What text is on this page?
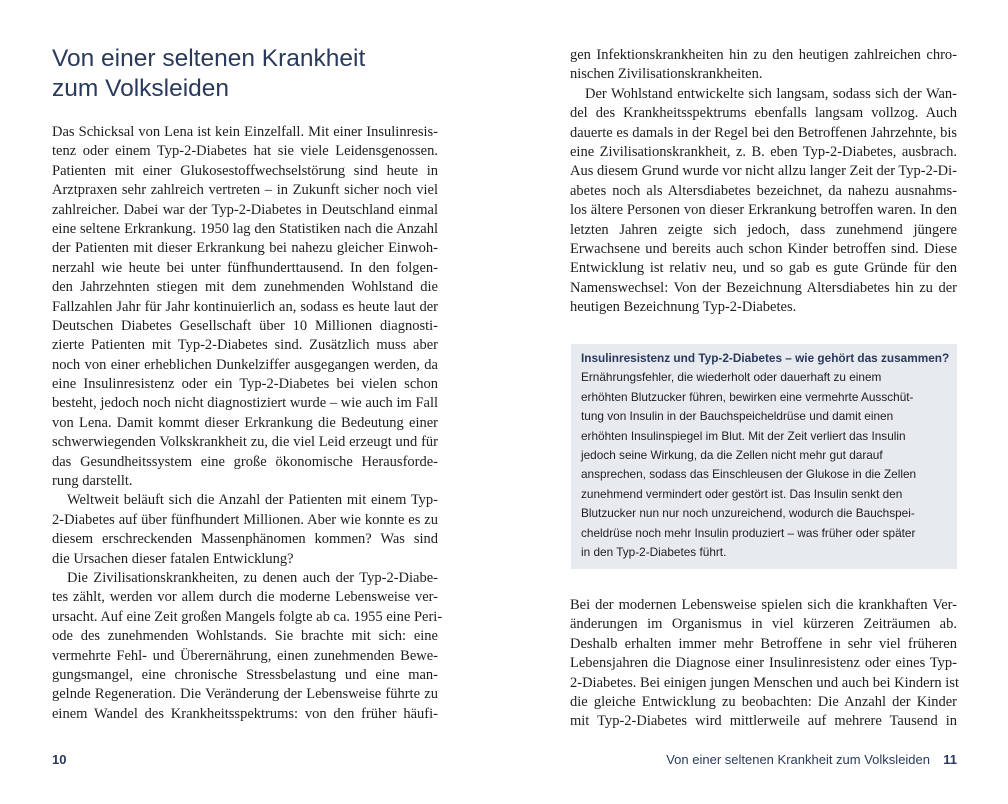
Von einer seltenen Krankheit
zum Volksleiden
Das Schicksal von Lena ist kein Einzelfall. Mit einer Insulinresis-
tenz oder einem Typ-2-Diabetes hat sie viele Leidensgenossen.
Patienten mit einer Glukosestoffwechselstörung sind heute in
Arztpraxen sehr zahlreich vertreten – in Zukunft sicher noch viel
zahlreicher. Dabei war der Typ-2-Diabetes in Deutschland einmal
eine seltene Erkrankung. 1950 lag den Statistiken nach die Anzahl
der Patienten mit dieser Erkrankung bei nahezu gleicher Einwoh-
nerzahl wie heute bei unter fünfhunderttausend. In den folgen-
den Jahrzehnten stiegen mit dem zunehmenden Wohlstand die
Fallzahlen Jahr für Jahr kontinuierlich an, sodass es heute laut der
Deutschen Diabetes Gesellschaft über 10 Millionen diagnosti-
zierte Patienten mit Typ-2-Diabetes sind. Zusätzlich muss aber
noch von einer erheblichen Dunkelziffer ausgegangen werden, da
eine Insulinresistenz oder ein Typ-2-Diabetes bei vielen schon
besteht, jedoch noch nicht diagnostiziert wurde – wie auch im Fall
von Lena. Damit kommt dieser Erkrankung die Bedeutung einer
schwerwiegenden Volkskrankheit zu, die viel Leid erzeugt und für
das Gesundheitssystem eine große ökonomische Herausforde-
rung darstellt.
Weltweit beläuft sich die Anzahl der Patienten mit einem Typ-
2-Diabetes auf über fünfhundert Millionen. Aber wie konnte es zu
diesem erschreckenden Massenphänomen kommen? Was sind
die Ursachen dieser fatalen Entwicklung?
Die Zivilisationskrankheiten, zu denen auch der Typ-2-Diabe-
tes zählt, werden vor allem durch die moderne Lebensweise ver-
ursacht. Auf eine Zeit großen Mangels folgte ab ca. 1955 eine Peri-
ode des zunehmenden Wohlstands. Sie brachte mit sich: eine
vermehrte Fehl- und Überernährung, einen zunehmenden Bewe-
gungsmangel, eine chronische Stressbelastung und eine man-
gelnde Regeneration. Die Veränderung der Lebensweise führte zu
einem Wandel des Krankheitsspektrums: von den früher häufi-
10
gen Infektionskrankheiten hin zu den heutigen zahlreichen chro-
nischen Zivilisationskrankheiten.
Der Wohlstand entwickelte sich langsam, sodass sich der Wan-
del des Krankheitsspektrums ebenfalls langsam vollzog. Auch
dauerte es damals in der Regel bei den Betroffenen Jahrzehnte, bis
eine Zivilisationskrankheit, z. B. eben Typ-2-Diabetes, ausbrach.
Aus diesem Grund wurde vor nicht allzu langer Zeit der Typ-2-Di-
abetes noch als Altersdiabetes bezeichnet, da nahezu ausnahms-
los ältere Personen von dieser Erkrankung betroffen waren. In den
letzten Jahren zeigte sich jedoch, dass zunehmend jüngere
Erwachsene und bereits auch schon Kinder betroffen sind. Diese
Entwicklung ist relativ neu, und so gab es gute Gründe für den
Namenswechsel: Von der Bezeichnung Altersdiabetes hin zu der
heutigen Bezeichnung Typ-2-Diabetes.
Insulinresistenz und Typ-2-Diabetes – wie gehört das zusammen?
Ernährungsfehler, die wiederholt oder dauerhaft zu einem
erhöhten Blutzucker führen, bewirken eine vermehrte Ausschüt-
tung von Insulin in der Bauchspeicheldrüse und damit einen
erhöhten Insulinspiegel im Blut. Mit der Zeit verliert das Insulin
jedoch seine Wirkung, da die Zellen nicht mehr gut darauf
ansprechen, sodass das Einschleusen der Glukose in die Zellen
zunehmend vermindert oder gestört ist. Das Insulin senkt den
Blutzucker nun nur noch unzureichend, wodurch die Bauchspei-
cheldrüse noch mehr Insulin produziert – was früher oder später
in den Typ-2-Diabetes führt.
Bei der modernen Lebensweise spielen sich die krankhaften Ver-
änderungen im Organismus in viel kürzeren Zeiträumen ab.
Deshalb erhalten immer mehr Betroffene in sehr viel früheren
Lebensjahren die Diagnose einer Insulinresistenz oder eines Typ-
2-Diabetes. Bei einigen jungen Menschen und auch bei Kindern ist
die gleiche Entwicklung zu beobachten: Die Anzahl der Kinder
mit Typ-2-Diabetes wird mittlerweile auf mehrere Tausend in
Von einer seltenen Krankheit zum Volksleiden 11
